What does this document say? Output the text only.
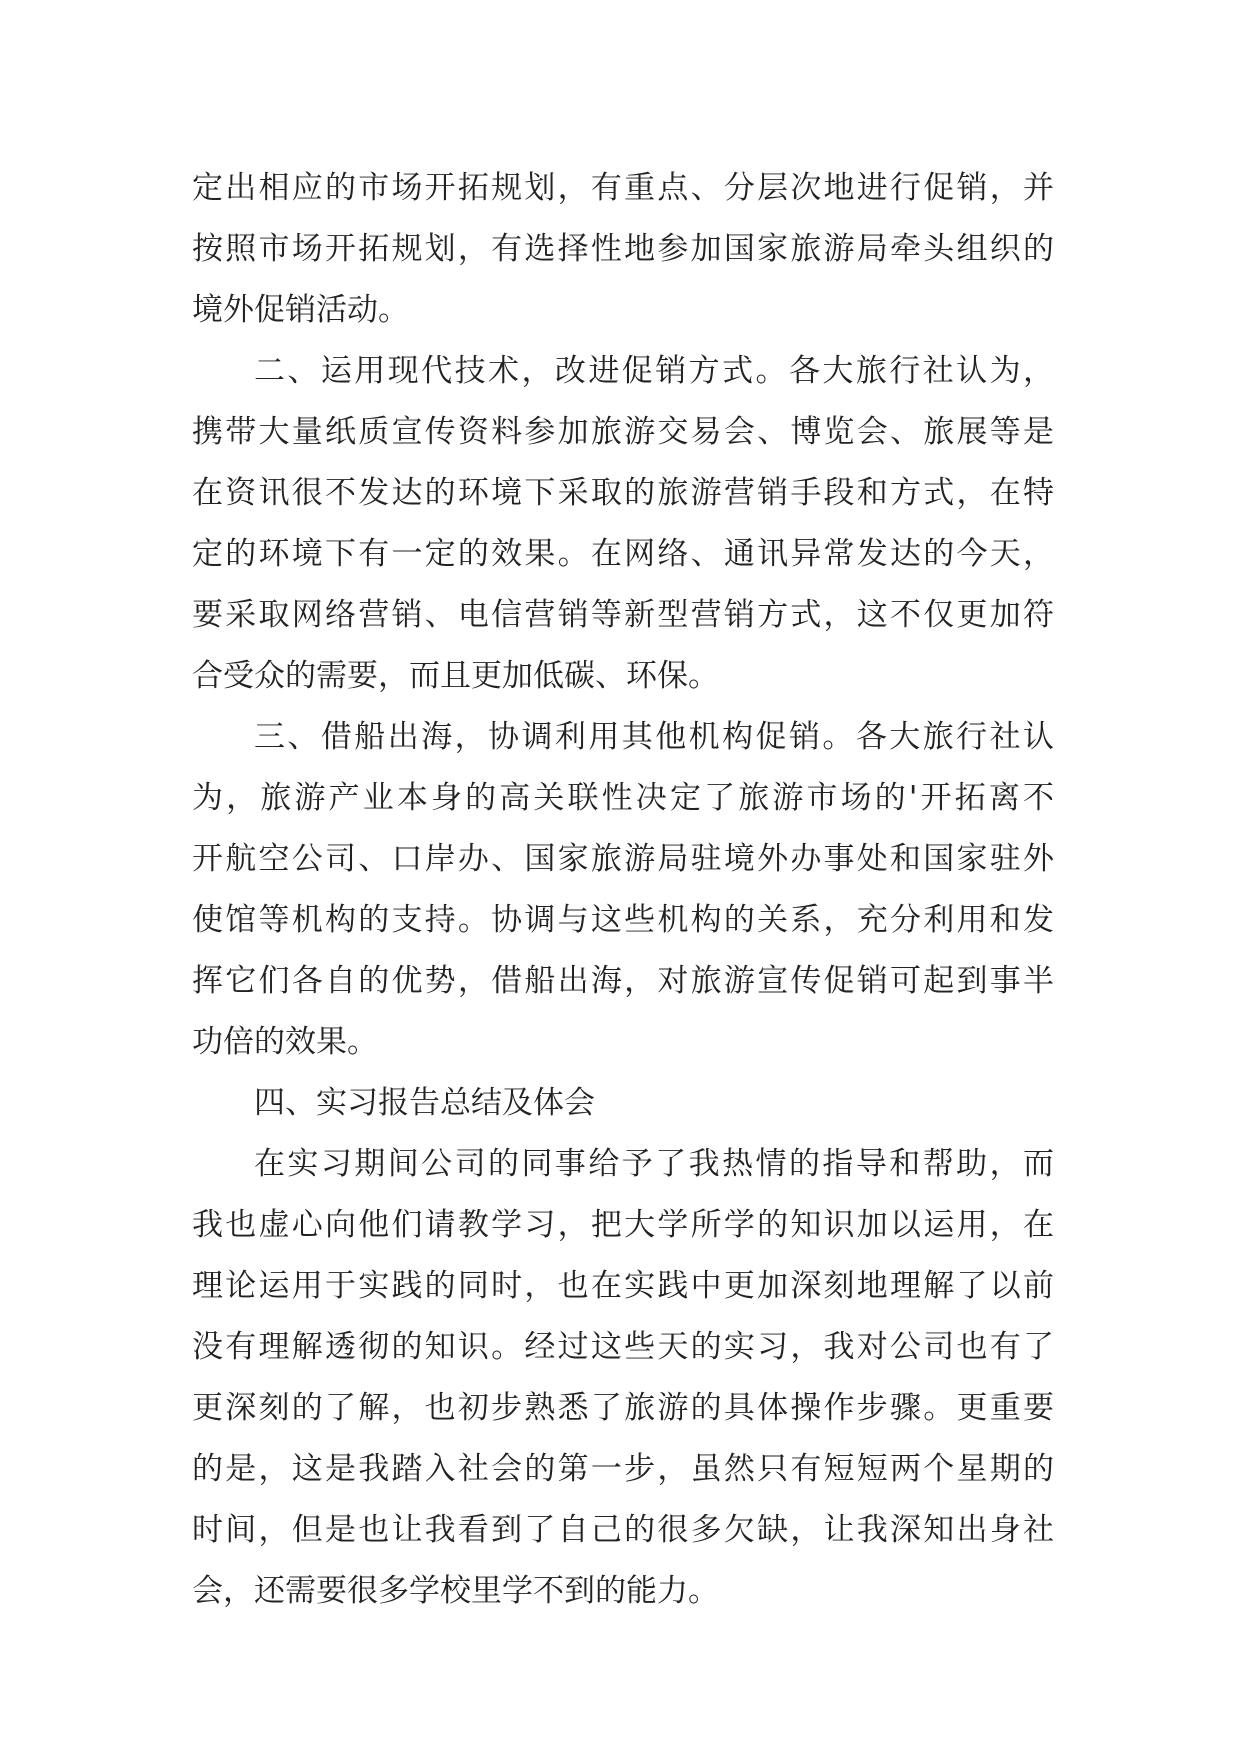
定出相应的市场开拓规划，有重点、分层次地进行促销，并
按照市场开拓规划，有选择性地参加国家旅游局牵头组织的
境外促销活动。
二、运用现代技术，改进促销方式。各大旅行社认为，
携带大量纸质宣传资料参加旅游交易会、博览会、旅展等是
在资讯很不发达的环境下采取的旅游营销手段和方式，在特
定的环境下有一定的效果。在网络、通讯异常发达的今天，
要采取网络营销、电信营销等新型营销方式，这不仅更加符
合受众的需要，而且更加低碳、环保。
三、借船出海，协调利用其他机构促销。各大旅行社认
为，旅游产业本身的高关联性决定了旅游市场的'开拓离不
开航空公司、口岸办、国家旅游局驻境外办事处和国家驻外
使馆等机构的支持。协调与这些机构的关系，充分利用和发
挥它们各自的优势，借船出海，对旅游宣传促销可起到事半
功倍的效果。
四、实习报告总结及体会
在实习期间公司的同事给予了我热情的指导和帮助，而
我也虚心向他们请教学习，把大学所学的知识加以运用，在
理论运用于实践的同时，也在实践中更加深刻地理解了以前
没有理解透彻的知识。经过这些天的实习，我对公司也有了
更深刻的了解，也初步熟悉了旅游的具体操作步骤。更重要
的是，这是我踏入社会的第一步，虽然只有短短两个星期的
时间，但是也让我看到了自己的很多欠缺，让我深知出身社
会，还需要很多学校里学不到的能力。
